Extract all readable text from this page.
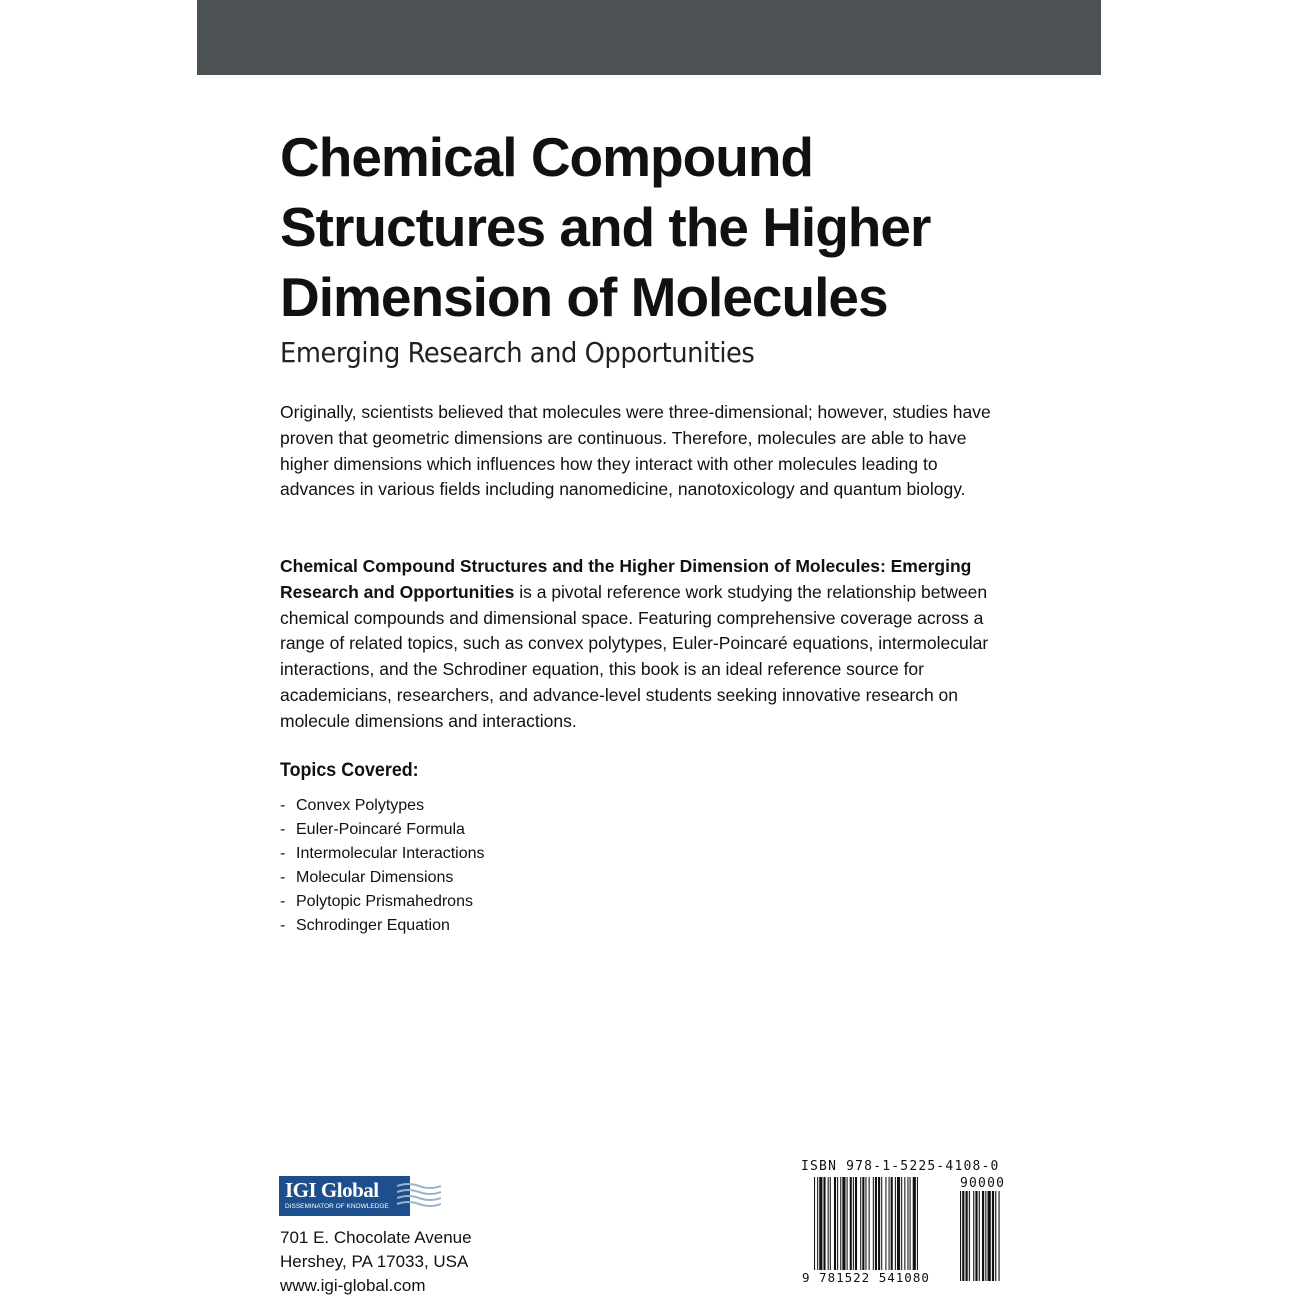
Chemical Compound
Structures and the Higher
Dimension of Molecules
Emerging Research and Opportunities

Originally, scientists believed that molecules were three-dimensional; however, studies have proven that geometric dimensions are continuous. Therefore, molecules are able to have higher dimensions which influences how they interact with other molecules leading to advances in various fields including nanomedicine, nanotoxicology and quantum biology.

Chemical Compound Structures and the Higher Dimension of Molecules: Emerging Research and Opportunities is a pivotal reference work studying the relationship between chemical compounds and dimensional space. Featuring comprehensive coverage across a range of related topics, such as convex polytypes, Euler-Poincaré equations, intermolecular interactions, and the Schrodiner equation, this book is an ideal reference source for academicians, researchers, and advance-level students seeking innovative research on molecule dimensions and interactions.

Topics Covered:
- Convex Polytypes
- Euler-Poincaré Formula
- Intermolecular Interactions
- Molecular Dimensions
- Polytopic Prismahedrons
- Schrodinger Equation
IGI Global
DISSEMINATOR OF KNOWLEDGE

701 E. Chocolate Avenue
Hershey, PA 17033, USA
www.igi-global.com

ISBN 978-1-5225-4108-0
90000
9 781522 541080
